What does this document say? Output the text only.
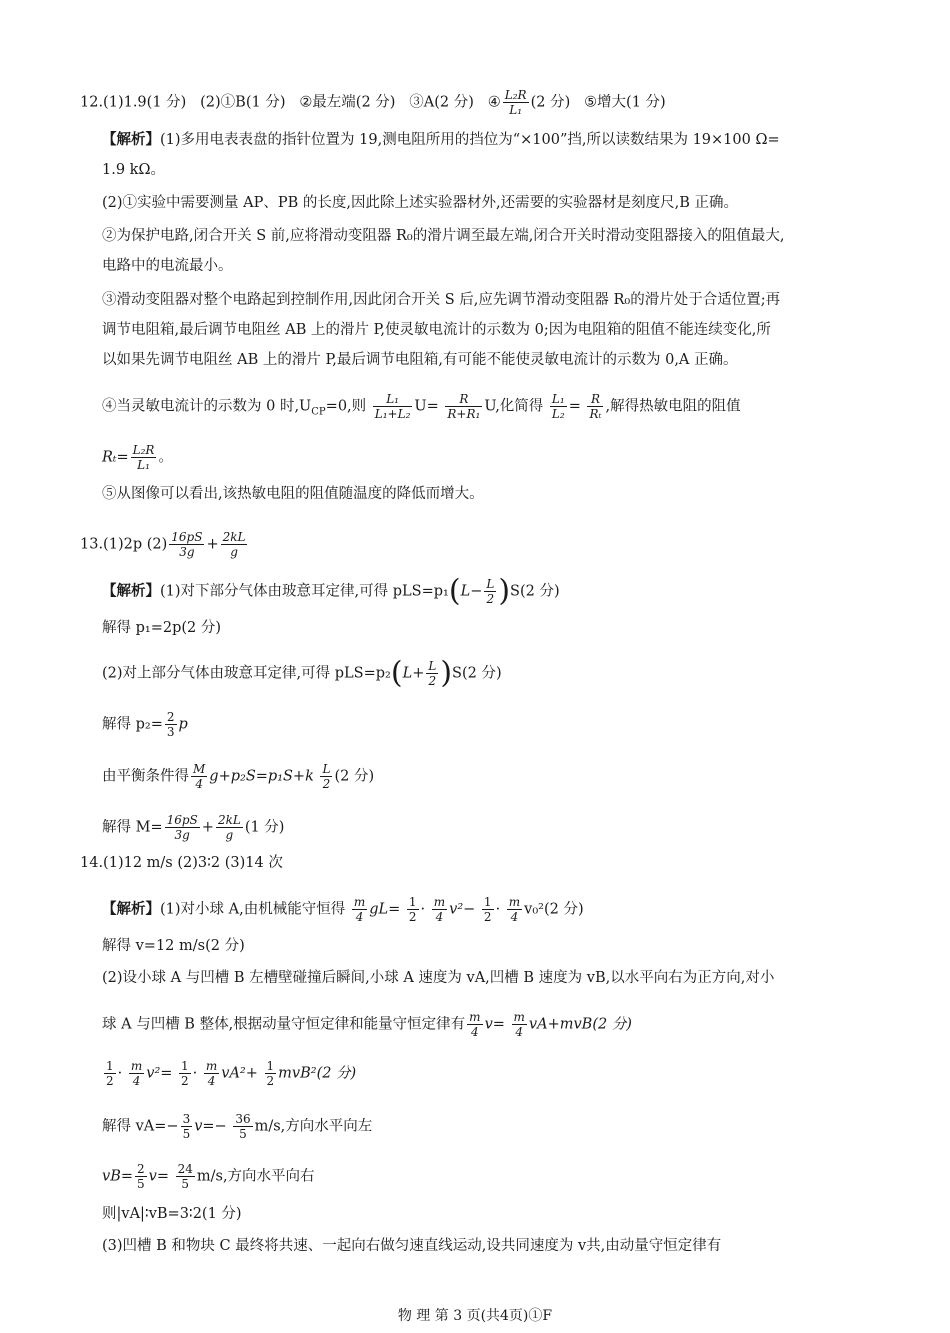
12.(1)1.9(1 分) (2)①B(1 分) ②最左端(2 分) ③A(2 分) ④ $\frac{\text{L₂R}}{\text{L₁}} (2$ 分) ⑤增大(1 分)
【解析】(1)多用电表表盘的指针位置为 19,测电阻所用的挡位为“×100”挡,所以读数结果为 19×100 Ω=
1.9 kΩ。
(2)①实验中需要测量 AP、PB 的长度,因此除上述实验器材外,还需要的实验器材是刻度尺,B 正确。
②为保护电路,闭合开关 S 前,应将滑动变阻器 R₀的滑片调至最左端,闭合开关时滑动变阻器接入的阻值最大,
电路中的电流最小。
③滑动变阻器对整个电路起到控制作用,因此闭合开关 S 后,应先调节滑动变阻器 R₀的滑片处于合适位置;再
调节电阻箱,最后调节电阻丝 AB 上的滑片 P,使灵敏电流计的示数为 0;因为电阻箱的阻值不能连续变化,所
以如果先调节电阻丝 AB 上的滑片 P,最后调节电阻箱,有可能不能使灵敏电流计的示数为 0,A 正确。
④当灵敏电流计的示数为 0 时$,U_{CP}=0$,则 $\frac{\text{L₁}}{\text{L₁+L₂}} U= \frac{R}{\text{R+R₁}} U$,化简得 $\frac{\text{L₁}}{\text{L₂}} = \frac{R}{\text{Rₜ}}$ ,解得热敏电阻的阻值
$R_t= \frac{\text{L₂R}}{\text{L₁}}$ 。
⑤从图像可以看出,该热敏电阻的阻值随温度的降低而增大。
13.(1)2p $(2) \frac{16pS}{3g} + \frac{2kL}{g}$
【解析】(1)对下部分气体由玻意耳定律,可得 $pLS=p_1(L- \frac{L}{2} )S(2$ 分)
解得 p₁=2p(2 分)
(2)对上部分气体由玻意耳定律,可得 $pLS=p_2(L+ \frac{L}{2} )S(2$ 分)
解得 $p_2= \frac{2}{3}$ p
由平衡条件得 $\frac{M}{4} g+p_2S=p_1S+k \frac{L}{2} (2$ 分)
解得 $M= \frac{16pS}{3g} + \frac{2kL}{g} (1$ 分)
14.(1)12 m/s (2)3∶2 (3)14 次
【解析】(1)对小球 A,由机械能守恒得 $\frac{m}{4} gL= \frac{1}{2} \cdot \frac{m}{4} v^2- \frac{1}{2} \cdot \frac{m}{4} v_0^2(2$ 分)
解得 v=12 m/s(2 分)
(2)设小球 A 与凹槽 B 左槽壁碰撞后瞬间,小球 A 速度为 vA,凹槽 B 速度为 vB,以水平向右为正方向,对小
球 A 与凹槽 B 整体,根据动量守恒定律和能量守恒定律有 $\frac{m}{4} v= \frac{m}{4} vA+mvB(2$ 分)
$\frac{1}{2} \cdot \frac{m}{4} v^2= \frac{1}{2} \cdot \frac{m}{4} vA^2+ \frac{1}{2} mvB^2(2$ 分)
解得 $vA=- \frac{3}{5} v=- \frac{36}{5} m/s$,方向水平向左
$vB= \frac{2}{5} v= \frac{24}{5} m/s$,方向水平向右
则|vA|∶vB=3∶2(1 分)
(3)凹槽 B 和物块 C 最终将共速、一起向右做匀速直线运动,设共同速度为 v共,由动量守恒定律有
物 理 第 3 页(共4页)①F
